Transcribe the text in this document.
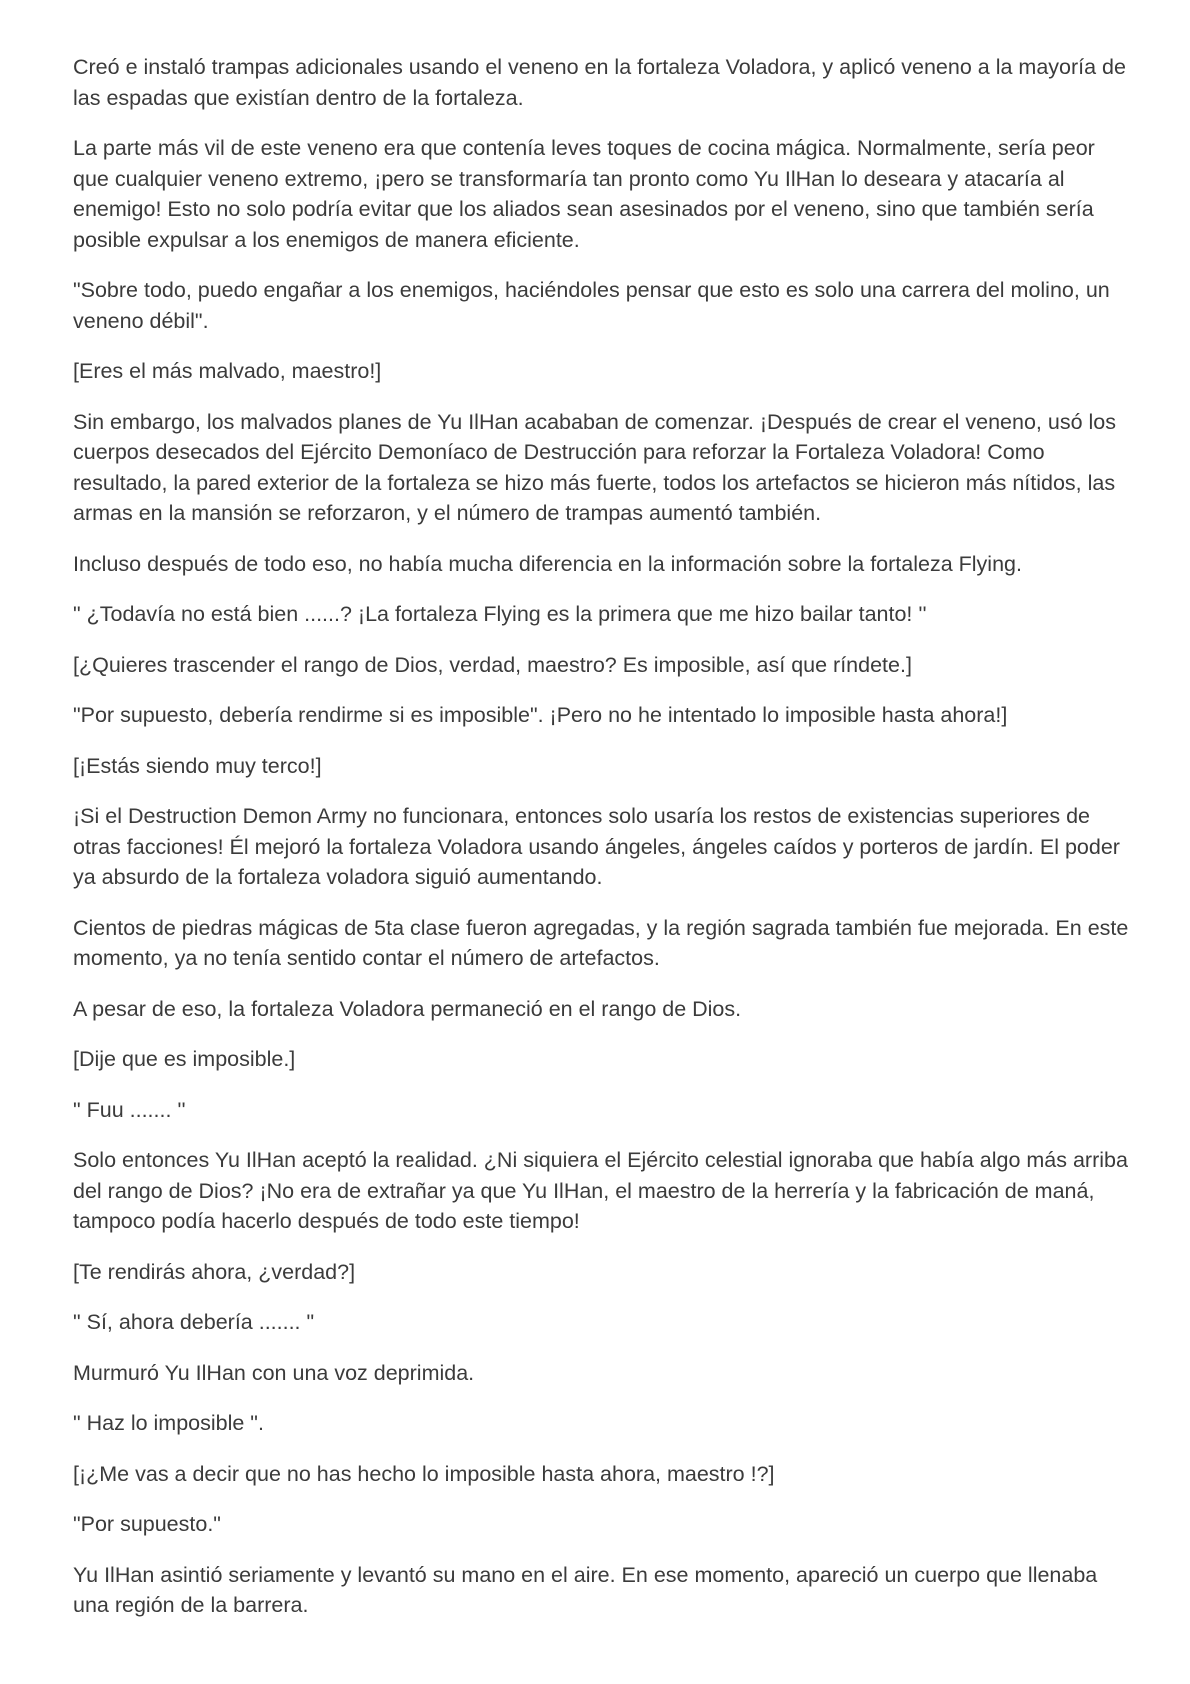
Creó e instaló trampas adicionales usando el veneno en la fortaleza Voladora, y aplicó veneno a la mayoría de las espadas que existían dentro de la fortaleza.

La parte más vil de este veneno era que contenía leves toques de cocina mágica. Normalmente, sería peor que cualquier veneno extremo, ¡pero se transformaría tan pronto como Yu IlHan lo deseara y atacaría al enemigo! Esto no solo podría evitar que los aliados sean asesinados por el veneno, sino que también sería posible expulsar a los enemigos de manera eficiente.

"Sobre todo, puedo engañar a los enemigos, haciéndoles pensar que esto es solo una carrera del molino, un veneno débil".

[Eres el más malvado, maestro!]

Sin embargo, los malvados planes de Yu IlHan acababan de comenzar. ¡Después de crear el veneno, usó los cuerpos desecados del Ejército Demoníaco de Destrucción para reforzar la Fortaleza Voladora! Como resultado, la pared exterior de la fortaleza se hizo más fuerte, todos los artefactos se hicieron más nítidos, las armas en la mansión se reforzaron, y el número de trampas aumentó también.

Incluso después de todo eso, no había mucha diferencia en la información sobre la fortaleza Flying.

" ¿Todavía no está bien ......? ¡La fortaleza Flying es la primera que me hizo bailar tanto! ''

[¿Quieres trascender el rango de Dios, verdad, maestro? Es imposible, así que ríndete.]

"Por supuesto, debería rendirme si es imposible". ¡Pero no he intentado lo imposible hasta ahora!]

[¡Estás siendo muy terco!]

¡Si el Destruction Demon Army no funcionara, entonces solo usaría los restos de existencias superiores de otras facciones! Él mejoró la fortaleza Voladora usando ángeles, ángeles caídos y porteros de jardín. El poder ya absurdo de la fortaleza voladora siguió aumentando.

Cientos de piedras mágicas de 5ta clase fueron agregadas, y la región sagrada también fue mejorada. En este momento, ya no tenía sentido contar el número de artefactos.

A pesar de eso, la fortaleza Voladora permaneció en el rango de Dios.

[Dije que es imposible.]

" Fuu ....... ''

Solo entonces Yu IlHan aceptó la realidad. ¿Ni siquiera el Ejército celestial ignoraba que había algo más arriba del rango de Dios? ¡No era de extrañar ya que Yu IlHan, el maestro de la herrería y la fabricación de maná, tampoco podía hacerlo después de todo este tiempo!

[Te rendirás ahora, ¿verdad?]

" Sí, ahora debería ....... "

Murmuró Yu IlHan con una voz deprimida.

" Haz lo imposible ".

[¡¿Me vas a decir que no has hecho lo imposible hasta ahora, maestro !?]

"Por supuesto."

Yu IlHan asintió seriamente y levantó su mano en el aire. En ese momento, apareció un cuerpo que llenaba una región de la barrera.
